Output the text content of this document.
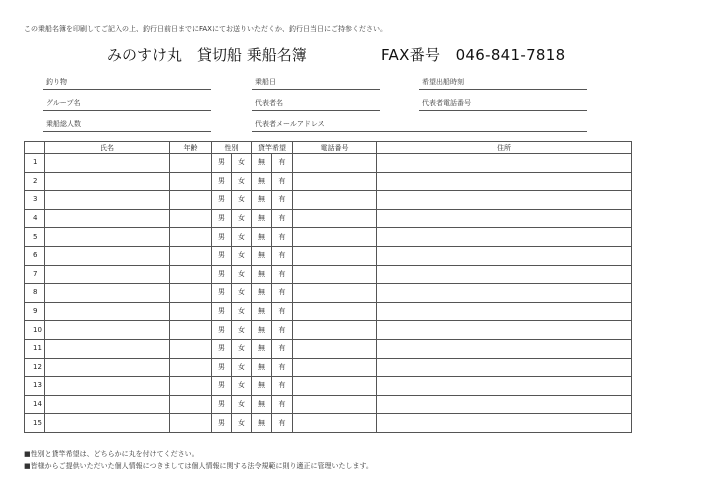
この乗船名簿を印刷してご記入の上、釣行日前日までにFAXにてお送りいただくか、釣行日当日にご持参ください。
みのすけ丸　貸切船 乗船名簿	FAX番号　046-841-7818
釣り物	乗船日	希望出船時刻
グループ名	代表者名	代表者電話番号
乗船総人数	代表者メールアドレス
	氏名	年齢	性別		貸竿希望		電話番号	住所
1			男	女	無	有		
2			男	女	無	有		
3			男	女	無	有		
4			男	女	無	有		
5			男	女	無	有		
6			男	女	無	有		
7			男	女	無	有		
8			男	女	無	有		
9			男	女	無	有		
10			男	女	無	有		
11			男	女	無	有		
12			男	女	無	有		
13			男	女	無	有		
14			男	女	無	有		
15			男	女	無	有		
■性別と貸竿希望は、どちらかに丸を付けてください。
■皆様からご提供いただいた個人情報につきましては個人情報に関する法令規範に則り適正に管理いたします。
